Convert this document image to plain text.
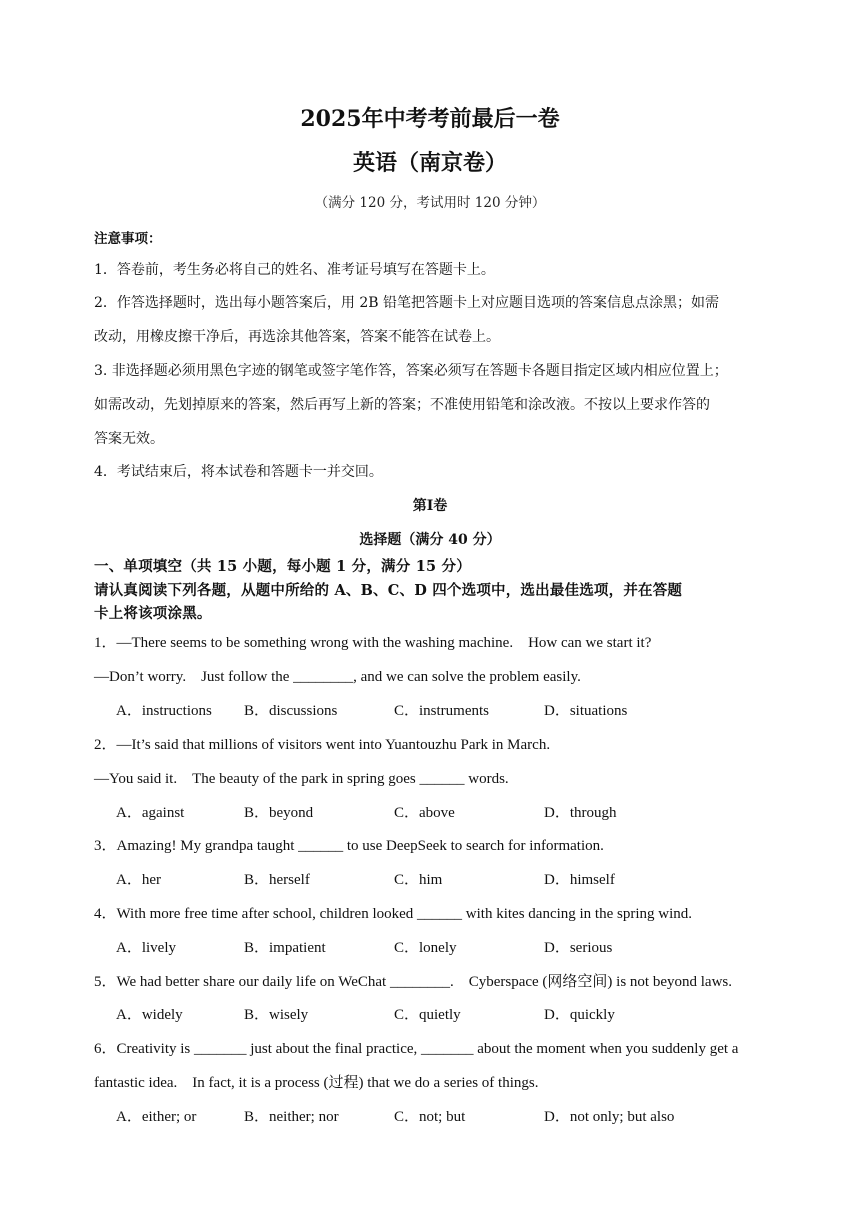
2025年中考考前最后一卷
英语（南京卷）
（满分 120 分，考试用时 120 分钟）
注意事项：
1．答卷前，考生务必将自己的姓名、准考证号填写在答题卡上。
2．作答选择题时，选出每小题答案后，用 2B 铅笔把答题卡上对应题目选项的答案信息点涂黑；如需
改动，用橡皮擦干净后，再选涂其他答案，答案不能答在试卷上。
3. 非选择题必须用黑色字迹的钢笔或签字笔作答，答案必须写在答题卡各题目指定区域内相应位置上；
如需改动，先划掉原来的答案，然后再写上新的答案；不准使用铅笔和涂改液。不按以上要求作答的
答案无效。
4．考试结束后，将本试卷和答题卡一并交回。
第Ⅰ卷
选择题（满分 40 分）
一、单项填空（共 15 小题，每小题 1 分，满分 15 分）
请认真阅读下列各题，从题中所给的 A、B、C、D 四个选项中，选出最佳选项，并在答题
卡上将该项涂黑。
1．—There seems to be something wrong with the washing machine.　How can we start it?
—Don’t worry.　Just follow the ________, and we can solve the problem easily.
A．instructions B．discussions	C．instruments	D．situations
2．—It’s said that millions of visitors went into Yuantouzhu Park in March.
—You said it.　The beauty of the park in spring goes ______ words.
A．against	B．beyond	C．above	D．through
3．Amazing! My grandpa taught ______ to use DeepSeek to search for information.
A．her	B．herself	C．him	D．himself
4．With more free time after school, children looked ______ with kites dancing in the spring wind.
A．lively	B．impatient	C．lonely	D．serious
5．We had better share our daily life on WeChat ________.　Cyberspace (网络空间) is not beyond laws.
A．widely	B．wisely	C．quietly	D．quickly
6．Creativity is _______ just about the final practice, _______ about the moment when you suddenly get a
fantastic idea.　In fact, it is a process (过程) that we do a series of things.
A．either; or	B．neither; nor	C．not; but	D．not only; but also
